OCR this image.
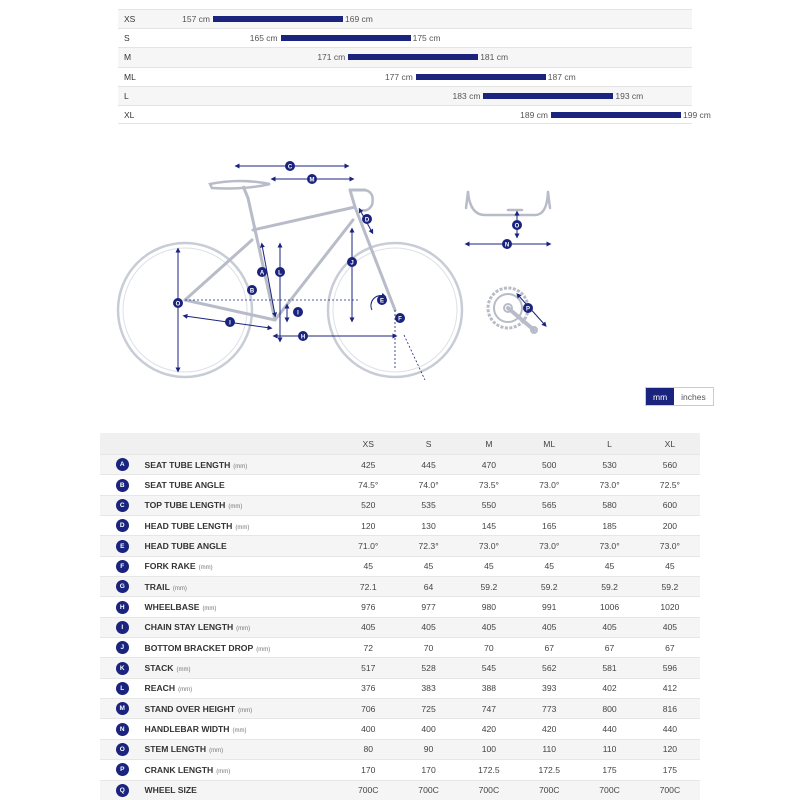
XS	157 cm	169 cm
S	165 cm	175 cm
M	171 cm	181 cm
ML	177 cm	187 cm
L	183 cm	193 cm
XL	189 cm	199 cm
C
M
D
J
A L
B
O
I
E
F
I
H
N
O
P
mm	inches
XS	S	M	ML	L	XL
A	SEAT TUBE LENGTH (mm)	425	445	470	500	530	560
B	SEAT TUBE ANGLE	74.5°	74.0°	73.5°	73.0°	73.0°	72.5°
C	TOP TUBE LENGTH (mm)	520	535	550	565	580	600
D	HEAD TUBE LENGTH (mm)	120	130	145	165	185	200
E	HEAD TUBE ANGLE	71.0°	72.3°	73.0°	73.0°	73.0°	73.0°
F	FORK RAKE (mm)	45	45	45	45	45	45
G	TRAIL (mm)	72.1	64	59.2	59.2	59.2	59.2
H	WHEELBASE (mm)	976	977	980	991	1006	1020
I	CHAIN STAY LENGTH (mm)	405	405	405	405	405	405
J	BOTTOM BRACKET DROP (mm)	72	70	70	67	67	67
K	STACK (mm)	517	528	545	562	581	596
L	REACH (mm)	376	383	388	393	402	412
M	STAND OVER HEIGHT (mm)	706	725	747	773	800	816
N	HANDLEBAR WIDTH (mm)	400	400	420	420	440	440
O	STEM LENGTH (mm)	80	90	100	110	110	120
P	CRANK LENGTH (mm)	170	170	172.5	172.5	175	175
Q	WHEEL SIZE	700C	700C	700C	700C	700C	700C
